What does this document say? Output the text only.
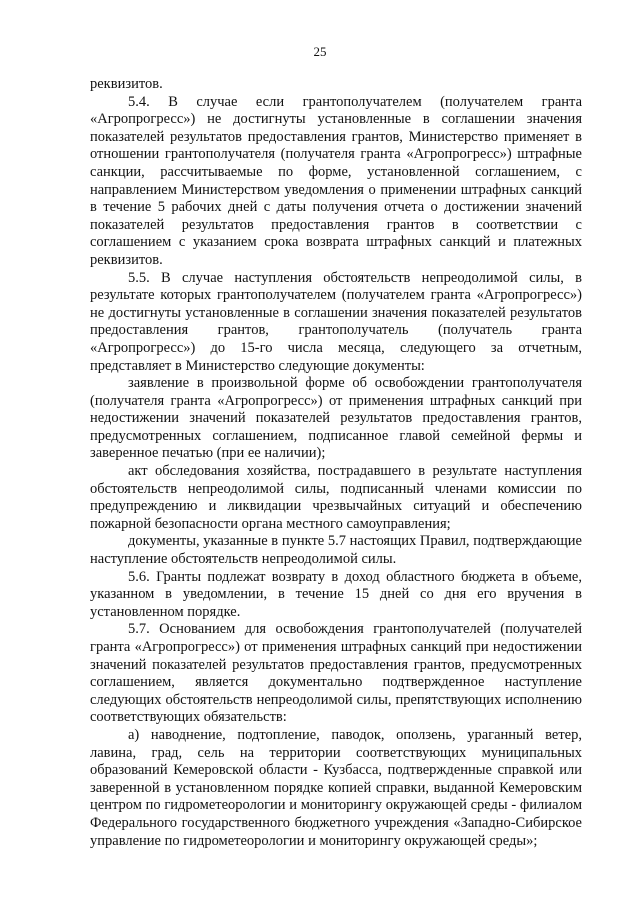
25

реквизитов.

5.4. В случае если грантополучателем (получателем гранта «Агропрогресс») не достигнуты установленные в соглашении значения показателей результатов предоставления грантов, Министерство применяет в отношении грантополучателя (получателя гранта «Агропрогресс») штрафные санкции, рассчитываемые по форме, установленной соглашением, с направлением Министерством уведомления о применении штрафных санкций в течение 5 рабочих дней с даты получения отчета о достижении значений показателей результатов предоставления грантов в соответствии с соглашением с указанием срока возврата штрафных санкций и платежных реквизитов.

5.5. В случае наступления обстоятельств непреодолимой силы, в результате которых грантополучателем (получателем гранта «Агропрогресс») не достигнуты установленные в соглашении значения показателей результатов предоставления грантов, грантополучатель (получатель гранта «Агропрогресс») до 15-го числа месяца, следующего за отчетным, представляет в Министерство следующие документы:

заявление в произвольной форме об освобождении грантополучателя (получателя гранта «Агропрогресс») от применения штрафных санкций при недостижении значений показателей результатов предоставления грантов, предусмотренных соглашением, подписанное главой семейной фермы и заверенное печатью (при ее наличии);

акт обследования хозяйства, пострадавшего в результате наступления обстоятельств непреодолимой силы, подписанный членами комиссии по предупреждению и ликвидации чрезвычайных ситуаций и обеспечению пожарной безопасности органа местного самоуправления;

документы, указанные в пункте 5.7 настоящих Правил, подтверждающие наступление обстоятельств непреодолимой силы.

5.6. Гранты подлежат возврату в доход областного бюджета в объеме, указанном в уведомлении, в течение 15 дней со дня его вручения в установленном порядке.

5.7. Основанием для освобождения грантополучателей (получателей гранта «Агропрогресс») от применения штрафных санкций при недостижении значений показателей результатов предоставления грантов, предусмотренных соглашением, является документально подтвержденное наступление следующих обстоятельств непреодолимой силы, препятствующих исполнению соответствующих обязательств:

а) наводнение, подтопление, паводок, оползень, ураганный ветер, лавина, град, сель на территории соответствующих муниципальных образований Кемеровской области - Кузбасса, подтвержденные справкой или заверенной в установленном порядке копией справки, выданной Кемеровским центром по гидрометеорологии и мониторингу окружающей среды - филиалом Федерального государственного бюджетного учреждения «Западно-Сибирское управление по гидрометеорологии и мониторингу окружающей среды»;
